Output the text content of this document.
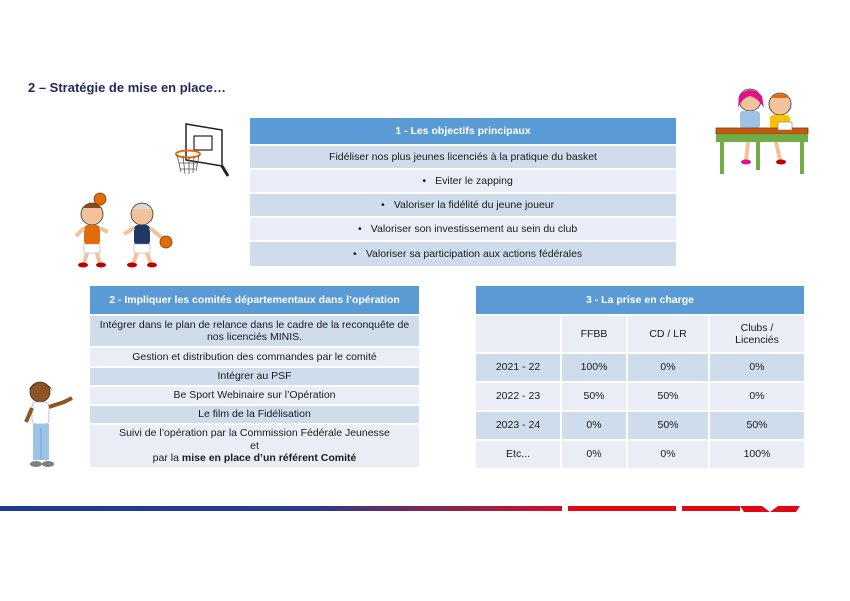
2 – Stratégie de mise en place…
1 - Les objectifs principaux
Fidéliser nos plus jeunes licenciés à la pratique du basket
• Eviter le zapping
• Valoriser la fidélité du jeune joueur
• Valoriser son investissement au sein du club
• Valoriser sa participation aux actions fédérales
2 - Impliquer les comités départementaux dans l’opération
Intégrer dans le plan de relance dans le cadre de la reconquête de nos licenciés MINIS.
Gestion et distribution des commandes par le comité
Intégrer au PSF
Be Sport Webinaire sur l’Opération
Le film de la Fidélisation

Suivi de l’opération par la Commission Fédérale Jeunesse
et
par la mise en place d’un référent Comité
3 - La prise en charge			
	FFBB	CD / LR	Clubs / Licenciés
2021 - 22	100%	0%	0%
2022 - 23	50%	50%	0%
2023 - 24	0%	50%	50%
Etc...	0%	0%	100%
